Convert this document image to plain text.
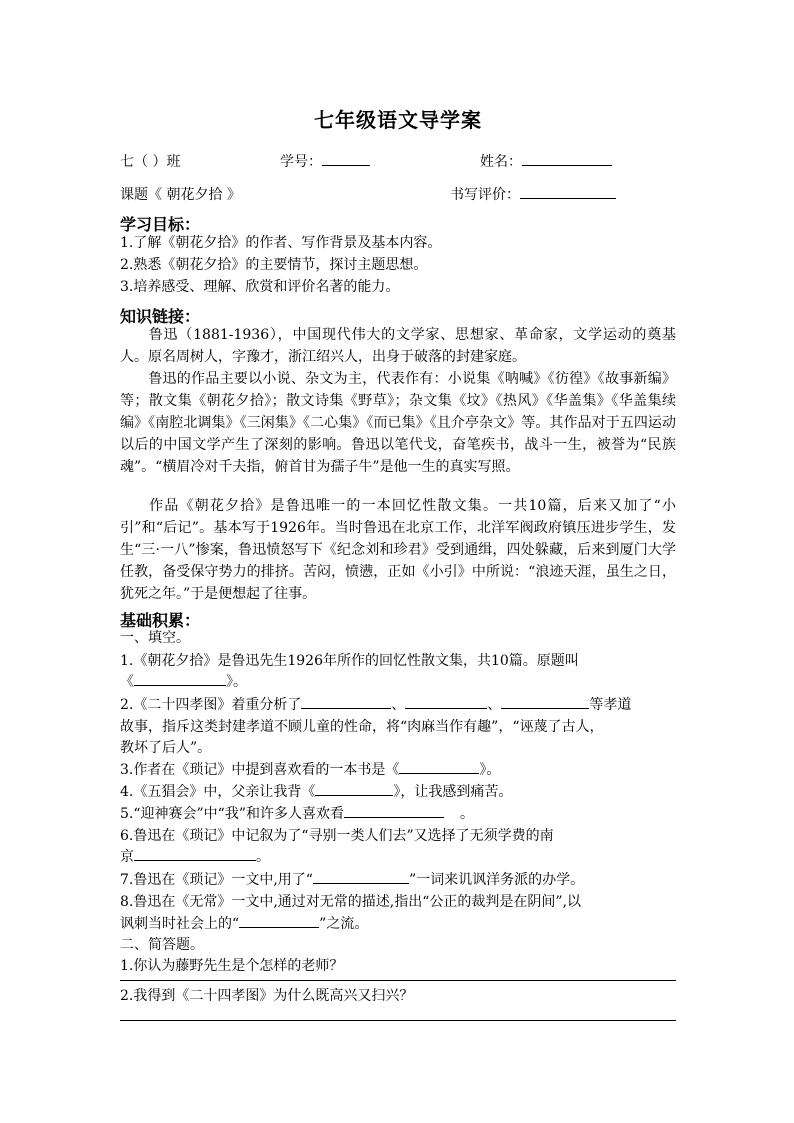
七年级语文导学案
七（ ）班	学号：	姓名：
课题《 朝花夕拾 》	书写评价：
学习目标：
1.了解《朝花夕拾》的作者、写作背景及基本内容。
2.熟悉《朝花夕拾》的主要情节，探讨主题思想。
3.培养感受、理解、欣赏和评价名著的能力。
知识链接：
鲁迅（1881-1936），中国现代伟大的文学家、思想家、革命家，文学运动的奠基人。原名周树人，字豫才，浙江绍兴人，出身于破落的封建家庭。
鲁迅的作品主要以小说、杂文为主，代表作有：小说集《呐喊》《彷徨》《故事新编》等；散文集《朝花夕拾》；散文诗集《野草》；杂文集《坟》《热风》《华盖集》《华盖集续编》《南腔北调集》《三闲集》《二心集》《而已集》《且介亭杂文》等。其作品对于五四运动以后的中国文学产生了深刻的影响。鲁迅以笔代戈，奋笔疾书，战斗一生，被誉为“民族魂”。“横眉冷对千夫指，俯首甘为孺子牛”是他一生的真实写照。
作品《朝花夕拾》是鲁迅唯一的一本回忆性散文集。一共10篇，后来又加了“小引”和“后记”。基本写于1926年。当时鲁迅在北京工作，北洋军阀政府镇压进步学生，发生“三·一八”惨案，鲁迅愤怒写下《纪念刘和珍君》受到通缉，四处躲藏，后来到厦门大学任教，备受保守势力的排挤。苦闷，愤懑，正如《小引》中所说：“浪迹天涯，虽生之日，犹死之年。”于是便想起了往事。
基础积累：
一、填空。
1.《朝花夕拾》是鲁迅先生1926年所作的回忆性散文集，共10篇。原题叫
《	》。
2.《二十四孝图》着重分析了	、	、	等孝道
故事，指斥这类封建孝道不顾儿童的性命，将“肉麻当作有趣”，“诬蔑了古人，
教坏了后人”。
3.作者在《琐记》中提到喜欢看的一本书是《	》。
4.《五猖会》中，父亲让我背《	》，让我感到痛苦。
5.“迎神赛会”中“我”和许多人喜欢看	。
6.鲁迅在《琐记》中记叙为了“寻别一类人们去”又选择了无须学费的南
京	。
7.鲁迅在《琐记》一文中,用了“	”一词来讥讽洋务派的办学。
8.鲁迅在《无常》一文中,通过对无常的描述,指出“公正的裁判是在阴间”,以
讽刺当时社会上的“	”之流。
二、简答题。
1.你认为藤野先生是个怎样的老师？
2.我得到《二十四孝图》为什么既高兴又扫兴？
